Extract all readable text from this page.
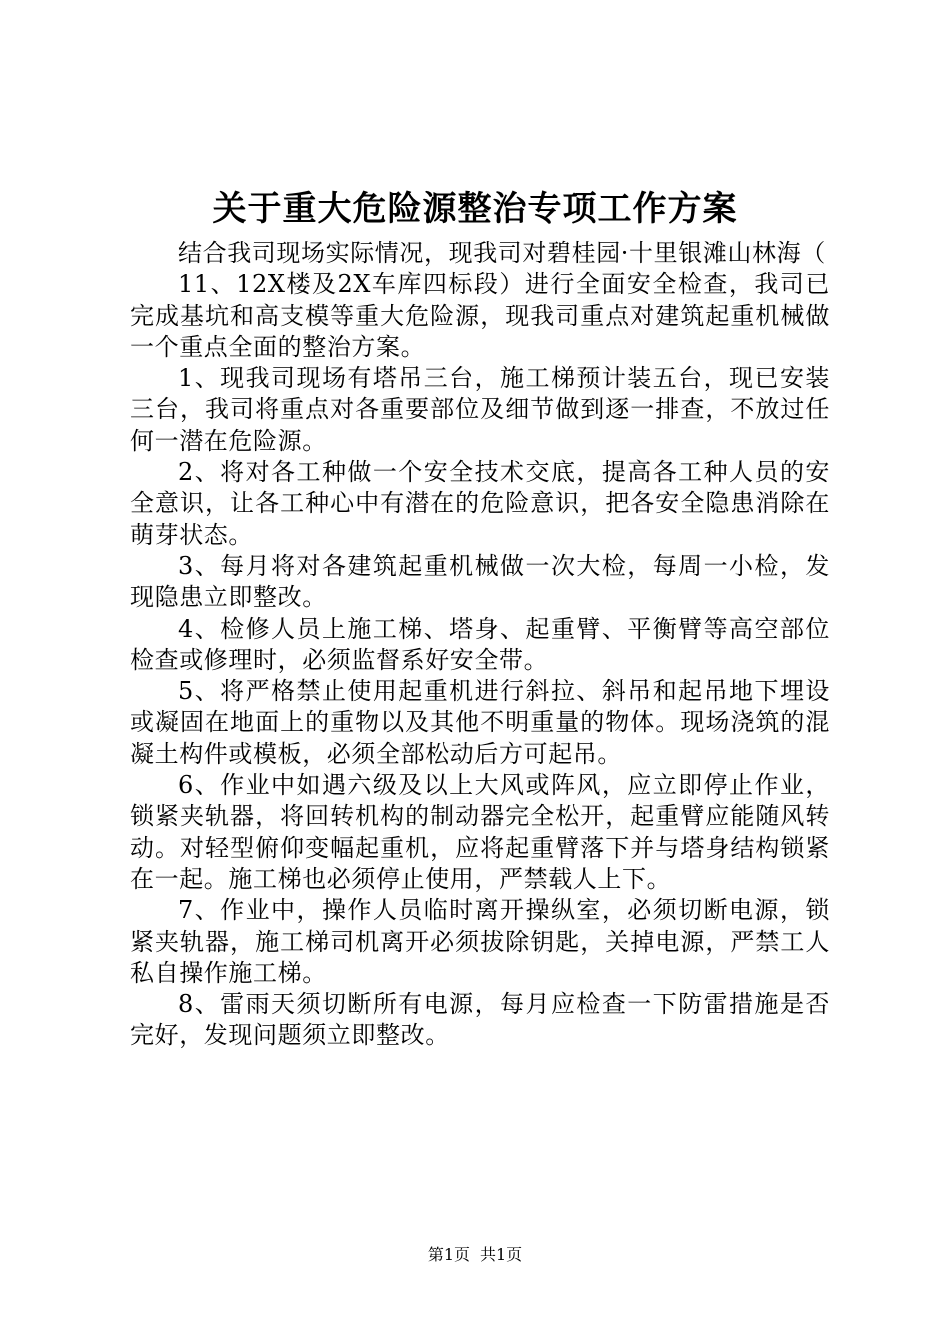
关于重大危险源整治专项工作方案

结合我司现场实际情况，现我司对碧桂园·十里银滩山林海（

11、12X楼及2X车库四标段）进行全面安全检查，我司已完成基坑和高支模等重大危险源，现我司重点对建筑起重机械做一个重点全面的整治方案。

1、现我司现场有塔吊三台，施工梯预计装五台，现已安装三台，我司将重点对各重要部位及细节做到逐一排查，不放过任何一潜在危险源。

2、将对各工种做一个安全技术交底，提高各工种人员的安全意识，让各工种心中有潜在的危险意识，把各安全隐患消除在萌芽状态。

3、每月将对各建筑起重机械做一次大检，每周一小检，发现隐患立即整改。

4、检修人员上施工梯、塔身、起重臂、平衡臂等高空部位检查或修理时，必须监督系好安全带。

5、将严格禁止使用起重机进行斜拉、斜吊和起吊地下埋设或凝固在地面上的重物以及其他不明重量的物体。现场浇筑的混凝土构件或模板，必须全部松动后方可起吊。

6、作业中如遇六级及以上大风或阵风，应立即停止作业，锁紧夹轨器，将回转机构的制动器完全松开，起重臂应能随风转动。对轻型俯仰变幅起重机，应将起重臂落下并与塔身结构锁紧在一起。施工梯也必须停止使用，严禁载人上下。

7、作业中，操作人员临时离开操纵室，必须切断电源，锁紧夹轨器，施工梯司机离开必须拔除钥匙，关掉电源，严禁工人私自操作施工梯。

8、雷雨天须切断所有电源，每月应检查一下防雷措施是否完好，发现问题须立即整改。

第1页 共1页
